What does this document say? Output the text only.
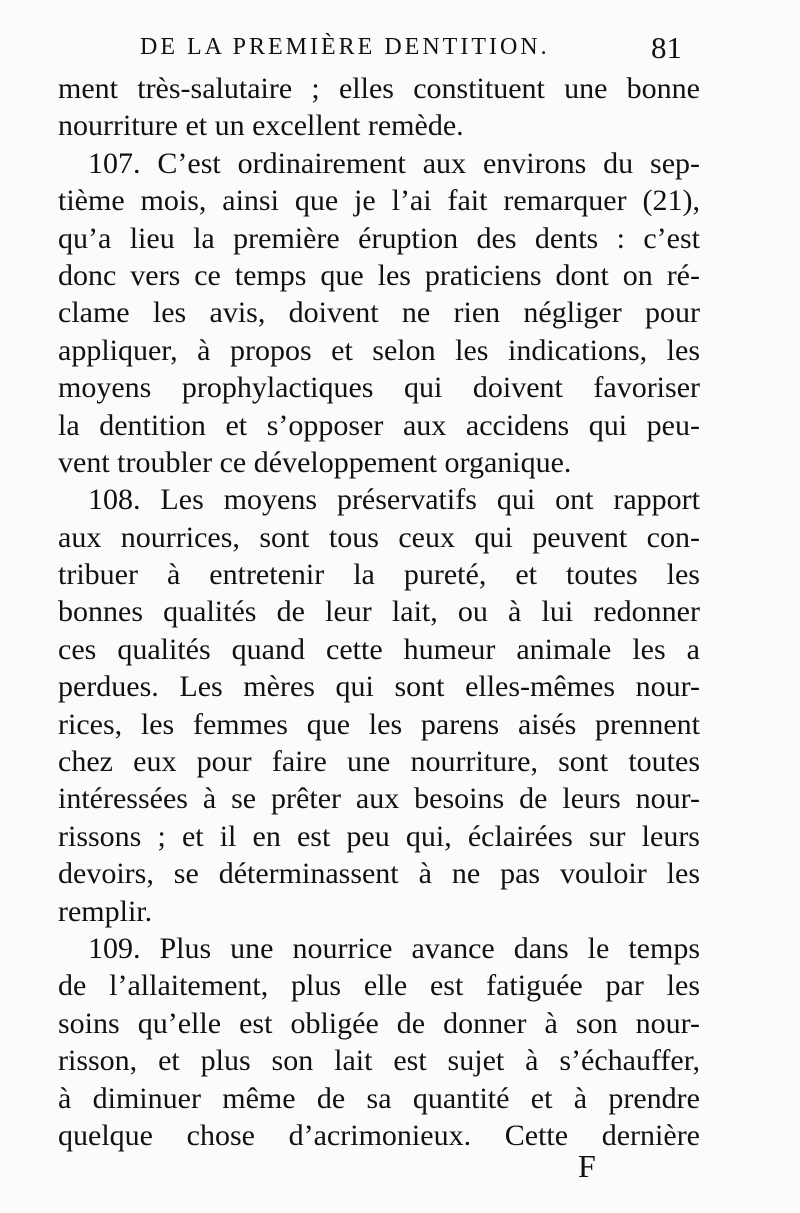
DE LA PREMIÈRE DENTITION.	81
ment très-salutaire ; elles constituent une bonne
nourriture et un excellent remède.
107. C’est ordinairement aux environs du sep-
tième mois, ainsi que je l’ai fait remarquer (21),
qu’a lieu la première éruption des dents : c’est
donc vers ce temps que les praticiens dont on ré-
clame les avis, doivent ne rien négliger pour
appliquer, à propos et selon les indications, les
moyens prophylactiques qui doivent favoriser
la dentition et s’opposer aux accidens qui peu-
vent troubler ce développement organique.
108. Les moyens préservatifs qui ont rapport
aux nourrices, sont tous ceux qui peuvent con-
tribuer à entretenir la pureté, et toutes les
bonnes qualités de leur lait, ou à lui redonner
ces qualités quand cette humeur animale les a
perdues. Les mères qui sont elles-mêmes nour-
rices, les femmes que les parens aisés prennent
chez eux pour faire une nourriture, sont toutes
intéressées à se prêter aux besoins de leurs nour-
rissons ; et il en est peu qui, éclairées sur leurs
devoirs, se déterminassent à ne pas vouloir les
remplir.
109. Plus une nourrice avance dans le temps
de l’allaitement, plus elle est fatiguée par les
soins qu’elle est obligée de donner à son nour-
risson, et plus son lait est sujet à s’échauffer,
à diminuer même de sa quantité et à prendre
quelque chose d’acrimonieux. Cette dernière
F
